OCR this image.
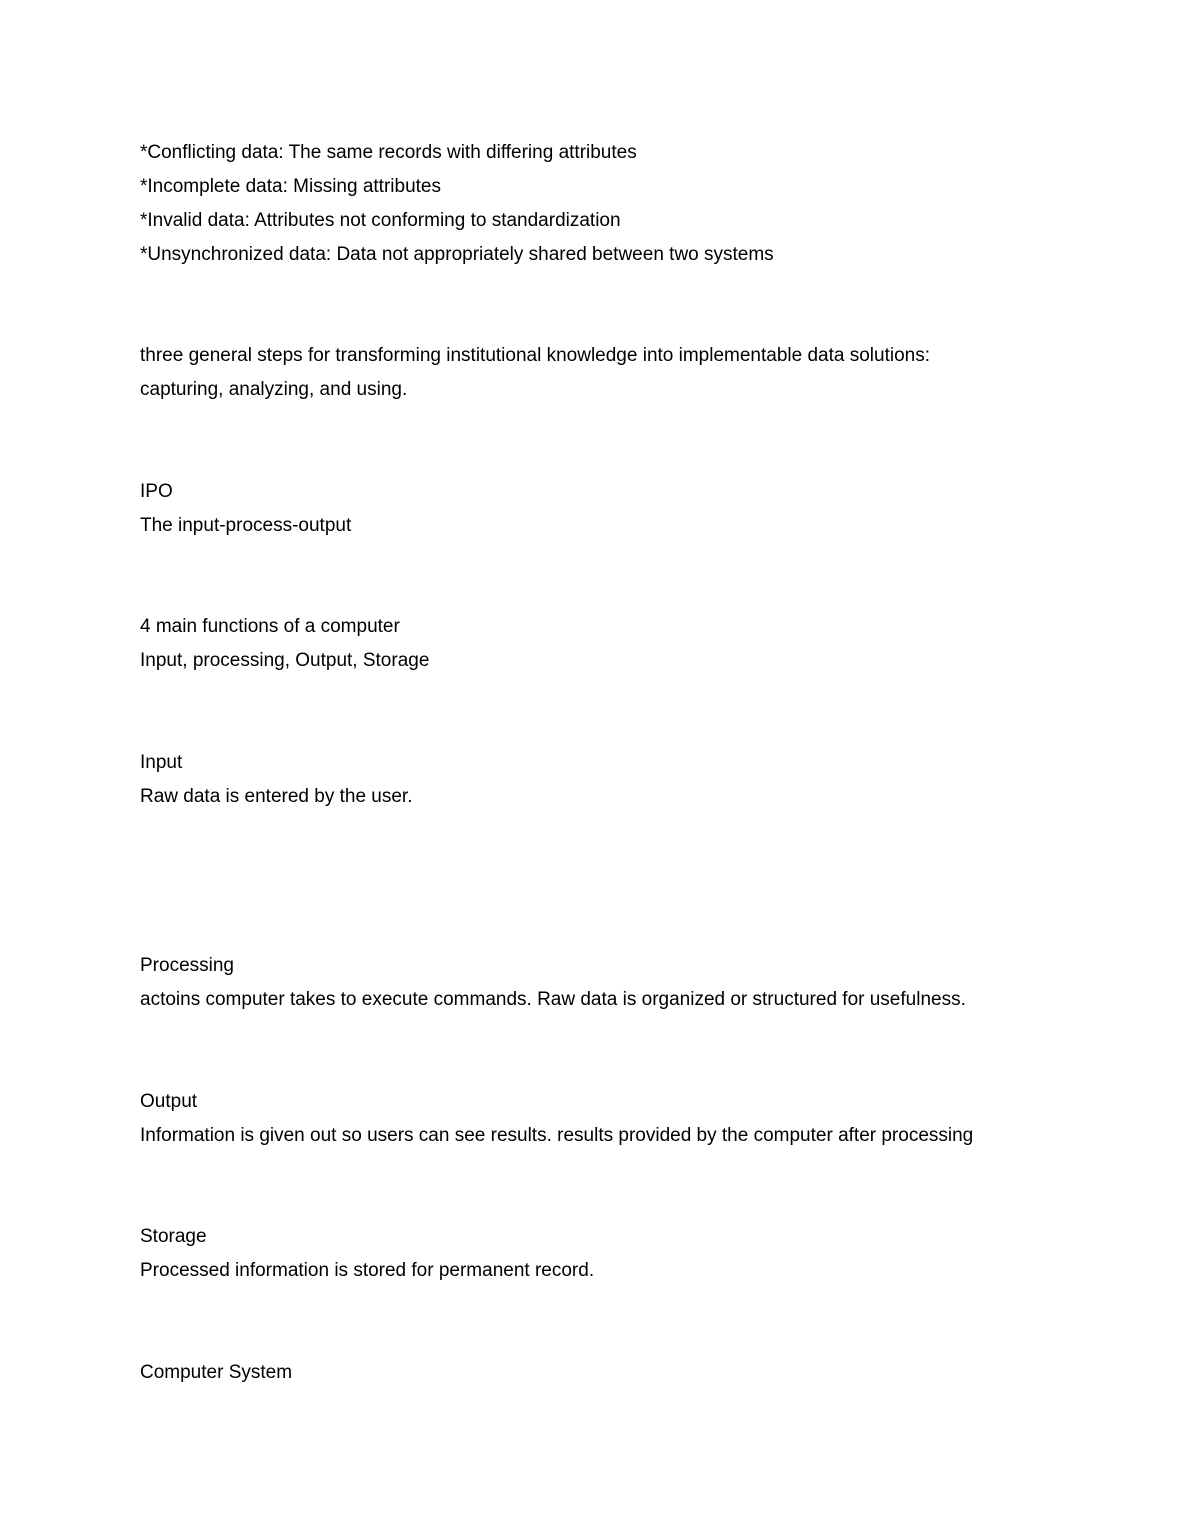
*Conflicting data: The same records with differing attributes
*Incomplete data: Missing attributes
*Invalid data: Attributes not conforming to standardization
*Unsynchronized data: Data not appropriately shared between two systems
three general steps for transforming institutional knowledge into implementable data solutions:
capturing, analyzing, and using.
IPO
The input-process-output
4 main functions of a computer
Input, processing, Output, Storage
Input
Raw data is entered by the user.
Processing
actoins computer takes to execute commands. Raw data is organized or structured for usefulness.
Output
Information is given out so users can see results. results provided by the computer after processing
Storage
Processed information is stored for permanent record.
Computer System
